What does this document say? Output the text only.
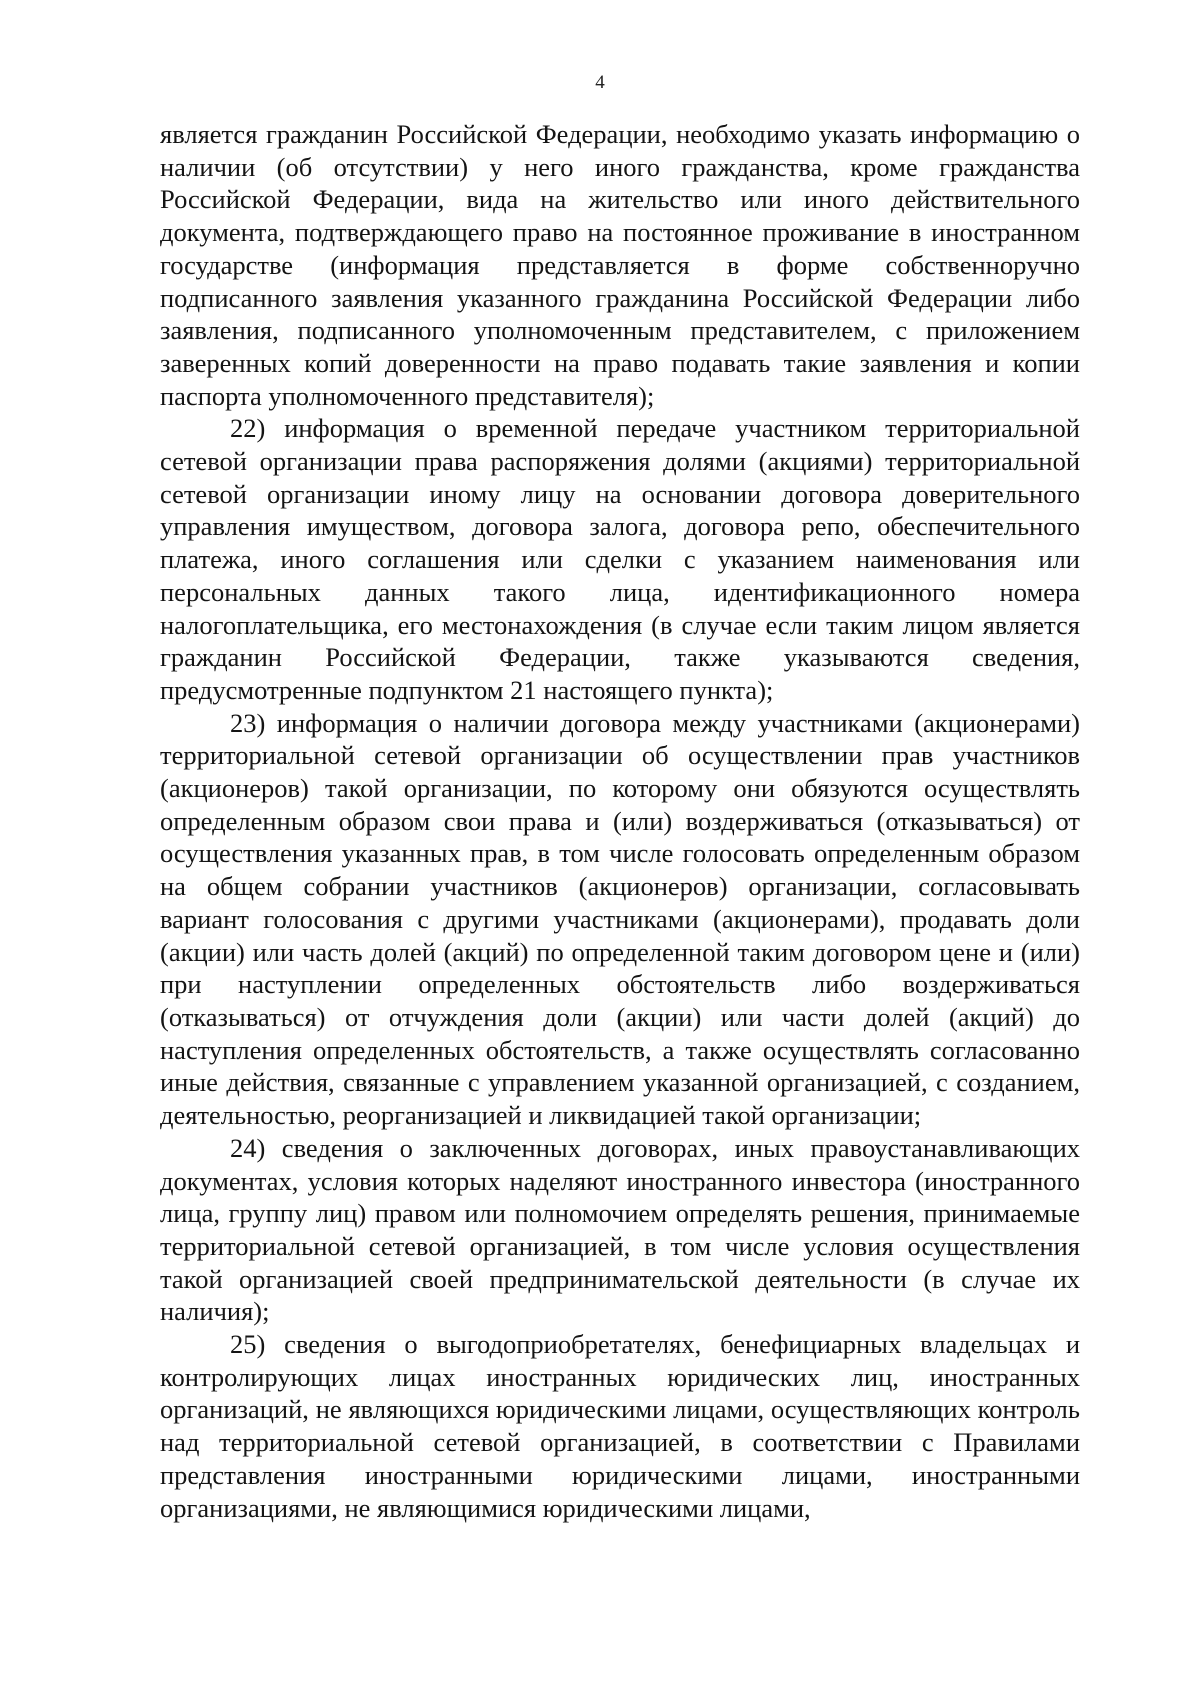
4

является гражданин Российской Федерации, необходимо указать информацию о наличии (об отсутствии) у него иного гражданства, кроме гражданства Российской Федерации, вида на жительство или иного действительного документа, подтверждающего право на постоянное проживание в иностранном государстве (информация представляется в форме собственноручно подписанного заявления указанного гражданина Российской Федерации либо заявления, подписанного уполномоченным представителем, с приложением заверенных копий доверенности на право подавать такие заявления и копии паспорта уполномоченного представителя);

22) информация о временной передаче участником территориальной сетевой организации права распоряжения долями (акциями) территориальной сетевой организации иному лицу на основании договора доверительного управления имуществом, договора залога, договора репо, обеспечительного платежа, иного соглашения или сделки с указанием наименования или персональных данных такого лица, идентификационного номера налогоплательщика, его местонахождения (в случае если таким лицом является гражданин Российской Федерации, также указываются сведения, предусмотренные подпунктом 21 настоящего пункта);

23) информация о наличии договора между участниками (акционерами) территориальной сетевой организации об осуществлении прав участников (акционеров) такой организации, по которому они обязуются осуществлять определенным образом свои права и (или) воздерживаться (отказываться) от осуществления указанных прав, в том числе голосовать определенным образом на общем собрании участников (акционеров) организации, согласовывать вариант голосования с другими участниками (акционерами), продавать доли (акции) или часть долей (акций) по определенной таким договором цене и (или) при наступлении определенных обстоятельств либо воздерживаться (отказываться) от отчуждения доли (акции) или части долей (акций) до наступления определенных обстоятельств, а также осуществлять согласованно иные действия, связанные с управлением указанной организацией, с созданием, деятельностью, реорганизацией и ликвидацией такой организации;

24) сведения о заключенных договорах, иных правоустанавливающих документах, условия которых наделяют иностранного инвестора (иностранного лица, группу лиц) правом или полномочием определять решения, принимаемые территориальной сетевой организацией, в том числе условия осуществления такой организацией своей предпринимательской деятельности (в случае их наличия);

25) сведения о выгодоприобретателях, бенефициарных владельцах и контролирующих лицах иностранных юридических лиц, иностранных организаций, не являющихся юридическими лицами, осуществляющих контроль над территориальной сетевой организацией, в соответствии с Правилами представления иностранными юридическими лицами, иностранными организациями, не являющимися юридическими лицами,
